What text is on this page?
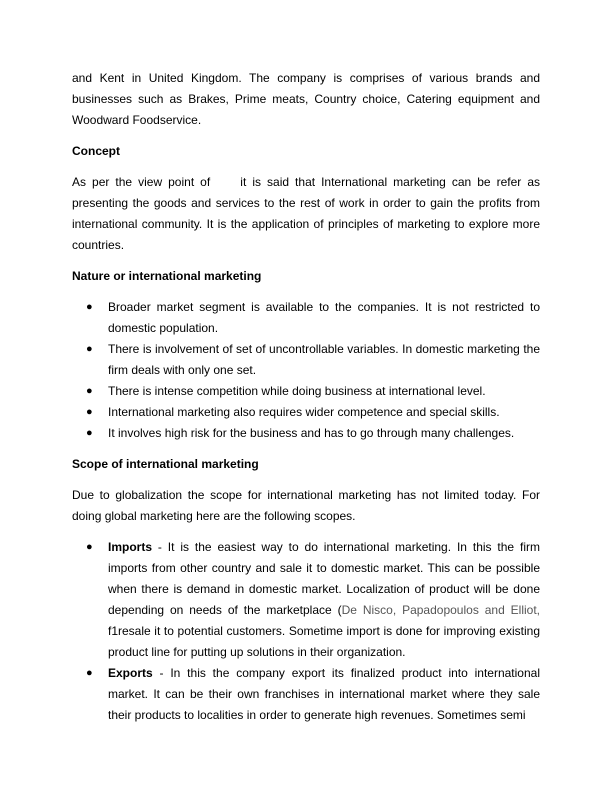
and Kent in United Kingdom. The company is comprises of various brands and businesses such as Brakes, Prime meats, Country choice, Catering equipment and Woodward Foodservice.

Concept

As per the view point of     it is said that International marketing can be refer as presenting the goods and services to the rest of work in order to gain the profits from international community. It is the application of principles of marketing to explore more countries.

Nature or international marketing

● Broader market segment is available to the companies. It is not restricted to domestic population.
● There is involvement of set of uncontrollable variables. In domestic marketing the firm deals with only one set.
● There is intense competition while doing business at international level.
● International marketing also requires wider competence and special skills.
● It involves high risk for the business and has to go through many challenges.

Scope of international marketing

Due to globalization the scope for international marketing has not limited today. For doing global marketing here are the following scopes.

● Imports - It is the easiest way to do international marketing. In this the firm imports from other country and sale it to domestic market. This can be possible when there is demand in domestic market. Localization of product will be done depending on needs of the marketplace (De Nisco, Papadopoulos and Elliot, f1resale it to potential customers. Sometime import is done for improving existing product line for putting up solutions in their organization.
● Exports - In this the company export its finalized product into international market. It can be their own franchises in international market where they sale their products to localities in order to generate high revenues. Sometimes semi
